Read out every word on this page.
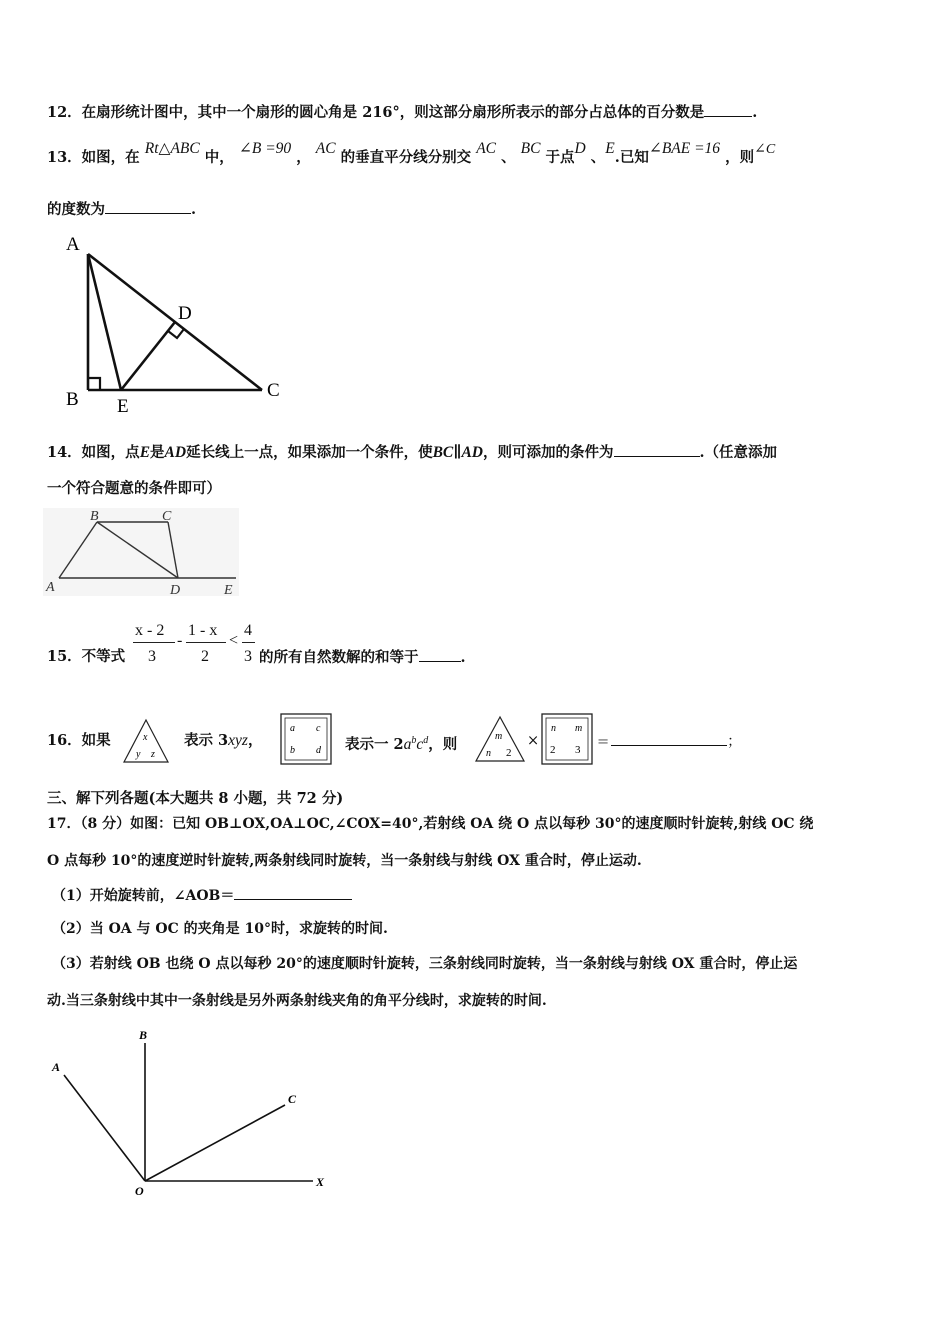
12．在扇形统计图中，其中一个扇形的圆心角是 216°，则这部分扇形所表示的部分占总体的百分数是	.
13．如图，在 Rt△ABC 中， ∠B =90 ， AC 的垂直平分线分别交 AC 、 BC 于点D 、E.已知∠BAE =16 ，则∠C
的度数为	.
A
D
B E
C
14．如图，点E是AD延长线上一点，如果添加一个条件，使BC∥AD，则可添加的条件为	.（任意添加
一个符合题意的条件即可）
B	C
A	D	E
15．不等式
x - 2
3
-
1 - x
2
<
4
3 的所有自然数解的和等于	.
16．如果	x
y z
表示 3xyz，
a c
b d 表示一 $2a^bc^d$，则	m
n 2
×
n m
2 3 =	；
三、解下列各题(本大题共 8 小题，共 72 分)
17．（8 分）如图：已知 OB⊥OX,OA⊥OC,∠COX=40°,若射线 OA 绕 O 点以每秒 30°的速度顺时针旋转,射线 OC 绕
O 点每秒 10°的速度逆时针旋转,两条射线同时旋转，当一条射线与射线 OX 重合时，停止运动.
（1）开始旋转前，∠AOB＝
（2）当 OA 与 OC 的夹角是 10°时，求旋转的时间.
（3）若射线 OB 也绕 O 点以每秒 20°的速度顺时针旋转，三条射线同时旋转，当一条射线与射线 OX 重合时，停止运
动.当三条射线中其中一条射线是另外两条射线夹角的角平分线时，求旋转的时间.
B
A
C
O
X
